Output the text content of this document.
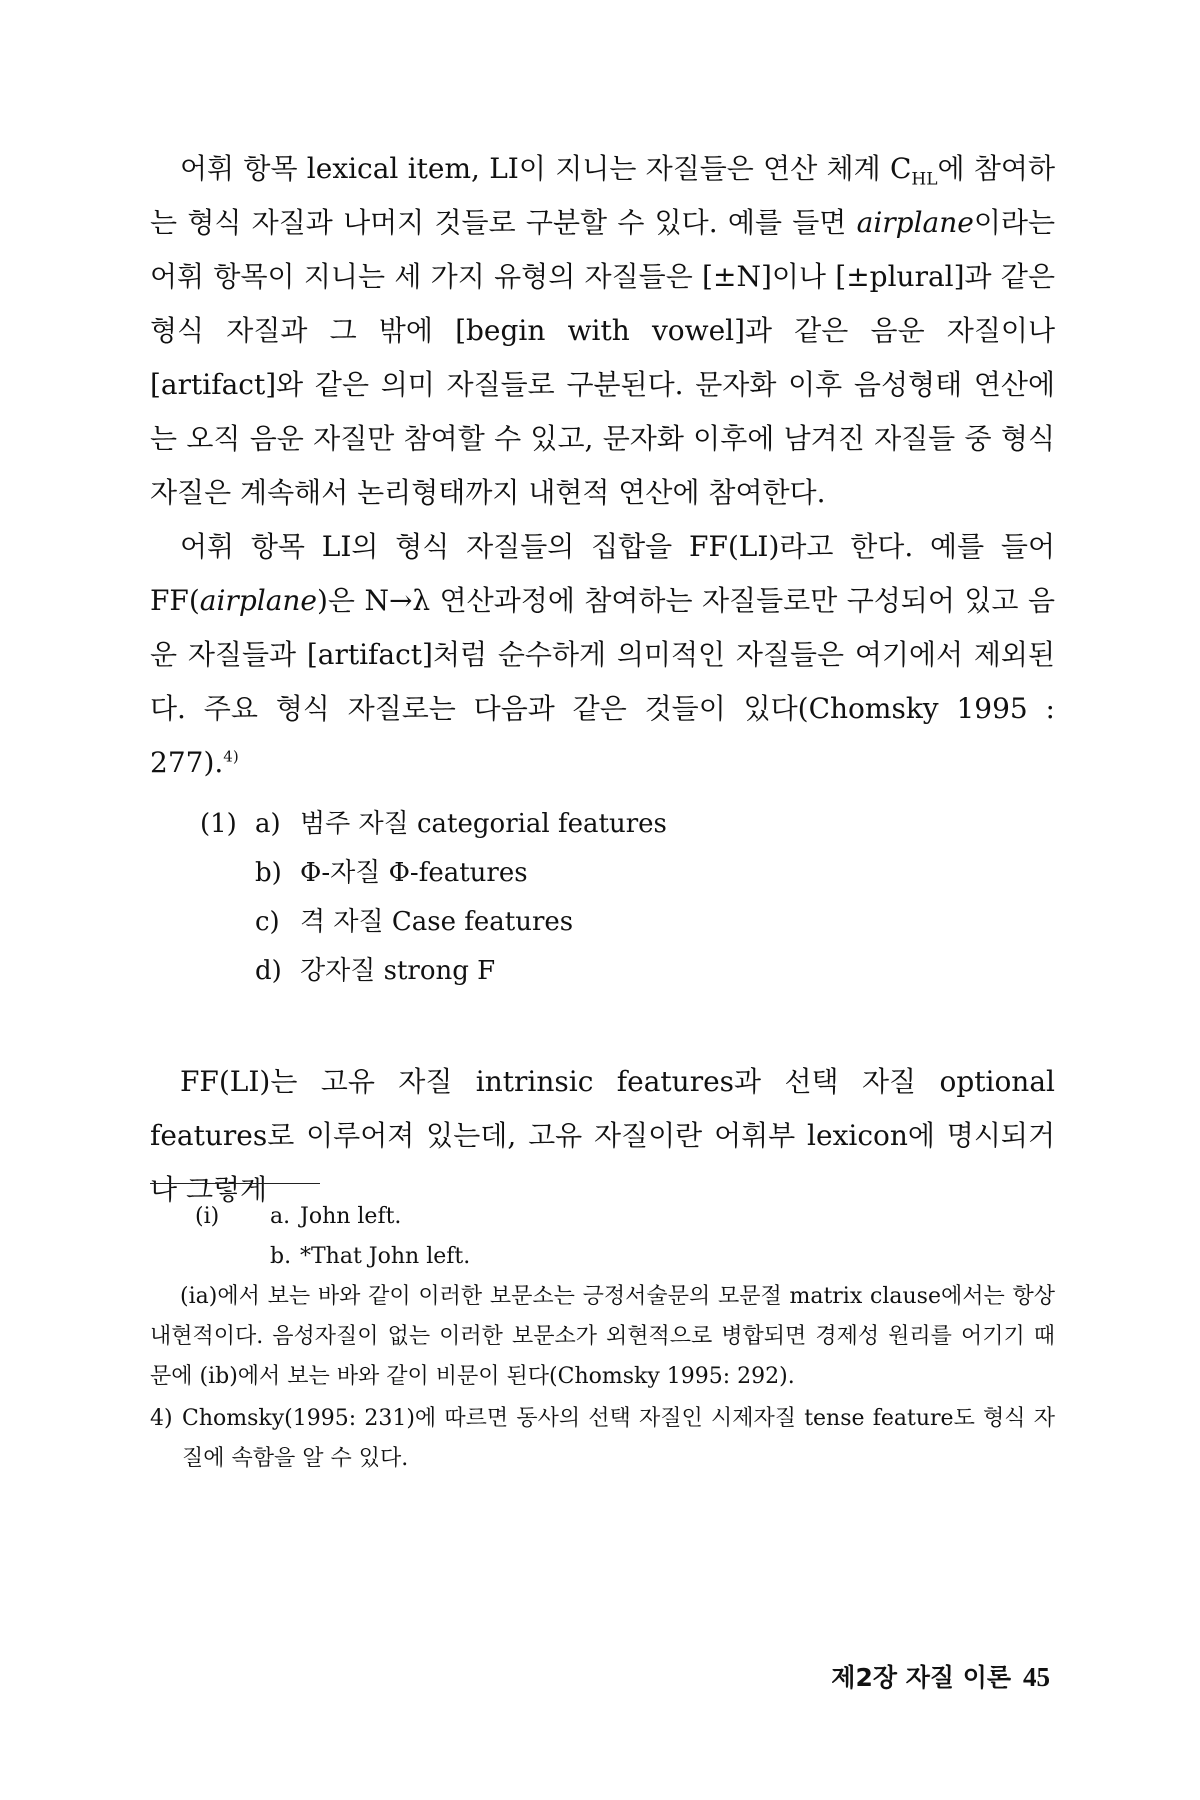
어휘 항목 lexical item, LI이 지니는 자질들은 연산 체계 $C_{HL}$에 참여하는 형식 자질과 나머지 것들로 구분할 수 있다. 예를 들면 airplane이라는 어휘 항목이 지니는 세 가지 유형의 자질들은 [±N]이나 [±plural]과 같은 형식 자질과 그 밖에 [begin with vowel]과 같은 음운 자질이나 [artifact]와 같은 의미 자질들로 구분된다. 문자화 이후 음성형태 연산에는 오직 음운 자질만 참여할 수 있고, 문자화 이후에 남겨진 자질들 중 형식 자질은 계속해서 논리형태까지 내현적 연산에 참여한다.

어휘 항목 LI의 형식 자질들의 집합을 FF(LI)라고 한다. 예를 들어 FF(airplane)은 N→λ 연산과정에 참여하는 자질들로만 구성되어 있고 음운 자질들과 [artifact]처럼 순수하게 의미적인 자질들은 여기에서 제외된다. 주요 형식 자질로는 다음과 같은 것들이 있다(Chomsky 1995 : 277).$^{4)}$

(1) a) 범주 자질 categorial features
b) Φ-자질 Φ-features
c) 격 자질 Case features
d) 강자질 strong F

FF(LI)는 고유 자질 intrinsic features과 선택 자질 optional features로 이루어져 있는데, 고유 자질이란 어휘부 lexicon에 명시되거나 그렇게

(i)	a. John left.
b. *That John left.

(ia)에서 보는 바와 같이 이러한 보문소는 긍정서술문의 모문절 matrix clause에서는 항상 내현적이다. 음성자질이 없는 이러한 보문소가 외현적으로 병합되면 경제성 원리를 어기기 때문에 (ib)에서 보는 바와 같이 비문이 된다(Chomsky 1995: 292).

4) Chomsky(1995: 231)에 따르면 동사의 선택 자질인 시제자질 tense feature도 형식 자질에 속함을 알 수 있다.
제2장 자질 이론 45
